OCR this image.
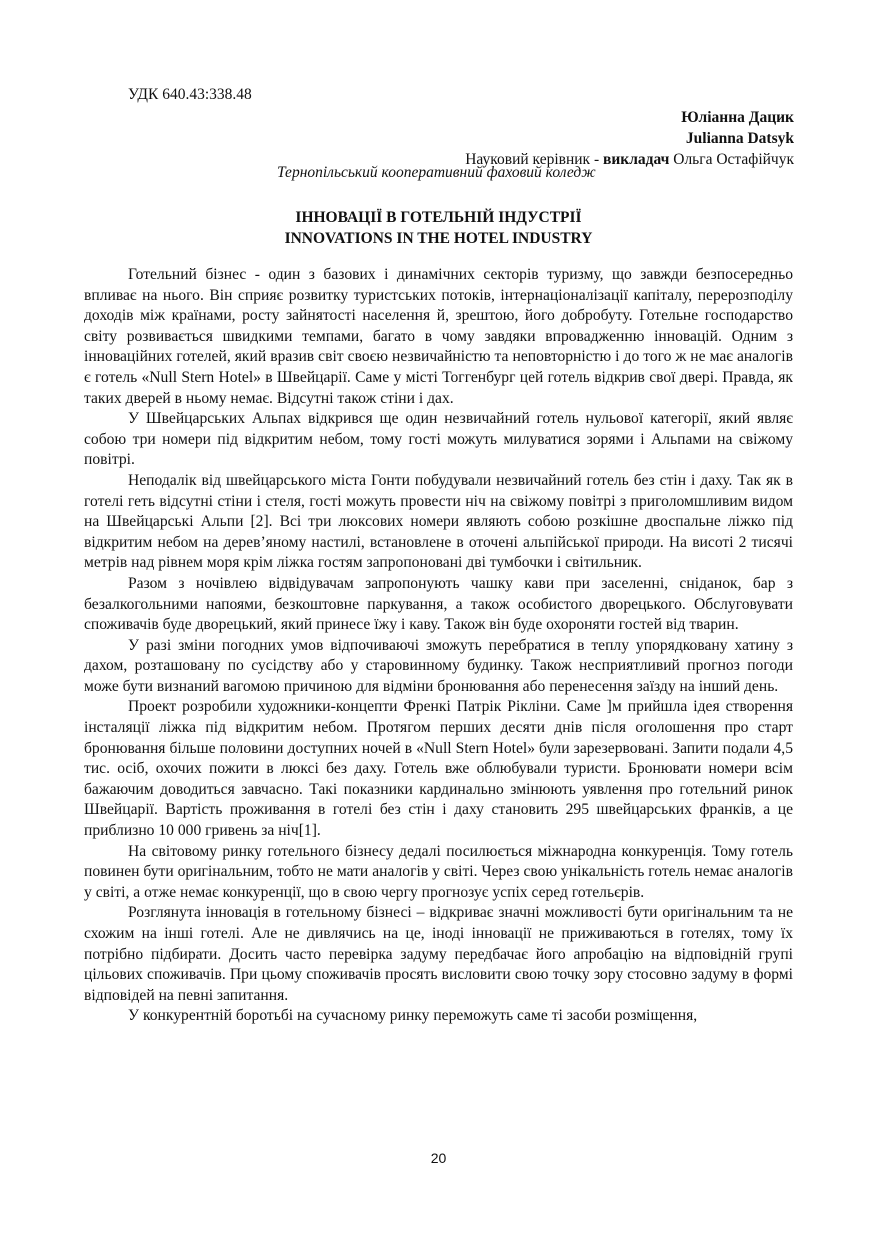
УДК 640.43:338.48
Юліанна Дацик
Julianna Datsyk
Науковий керівник - викладач Ольга Остафійчук
Тернопільський кооперативний фаховий коледж
ІННОВАЦІЇ В ГОТЕЛЬНІЙ ІНДУСТРІЇ
INNOVATIONS IN THE HOTEL INDUSTRY

Готельний бізнес - один з базових і динамічних секторів туризму, що завжди безпосередньо впливає на нього. Він сприяє розвитку туристських потоків, інтернаціоналізації капіталу, перерозподілу доходів між країнами, росту зайнятості населення й, зрештою, його добробуту. Готельне господарство світу розвивається швидкими темпами, багато в чому завдяки впровадженню інновацій. Одним з інноваційних готелей, який вразив світ своєю незвичайністю та неповторністю і до того ж не має аналогів є готель «Null Stern Hotel» в Швейцарії. Саме у місті Тоггенбург цей готель відкрив свої двері. Правда, як таких дверей в ньому немає. Відсутні також стіни і дах.

У Швейцарських Альпах відкрився ще один незвичайний готель нульової категорії, який являє собою три номери під відкритим небом, тому гості можуть милуватися зорями і Альпами на свіжому повітрі.

Неподалік від швейцарського міста Гонти побудували незвичайний готель без стін і даху. Так як в готелі геть відсутні стіни і стеля, гості можуть провести ніч на свіжому повітрі з приголомшливим видом на Швейцарські Альпи [2]. Всі три люксових номери являють собою розкішне двоспальне ліжко під відкритим небом на дерев’яному настилі, встановлене в оточені альпійської природи. На висоті 2 тисячі метрів над рівнем моря крім ліжка гостям запропоновані дві тумбочки і світильник.

Разом з ночівлею відвідувачам запропонують чашку кави при заселенні, сніданок, бар з безалкогольними напоями, безкоштовне паркування, а також особистого дворецького. Обслуговувати споживачів буде дворецький, який принесе їжу і каву. Також він буде охороняти гостей від тварин.

У разі зміни погодних умов відпочиваючі зможуть перебратися в теплу упорядковану хатину з дахом, розташовану по сусідству або у старовинному будинку. Також несприятливий прогноз погоди може бути визнаний вагомою причиною для відміни бронювання або перенесення заїзду на інший день.

Проект розробили художники-концепти Френкі Патрік Рікліни. Саме ]м прийшла ідея створення інсталяції ліжка під відкритим небом. Протягом перших десяти днів після оголошення про старт бронювання більше половини доступних ночей в «Null Stern Hotel» були зарезервовані. Запити подали 4,5 тис. осіб, охочих пожити в люксі без даху. Готель вже облюбували туристи. Бронювати номери всім бажаючим доводиться завчасно. Такі показники кардинально змінюють уявлення про готельний ринок Швейцарії. Вартість проживання в готелі без стін і даху становить 295 швейцарських франків, а це приблизно 10 000 гривень за ніч[1].

На світовому ринку готельного бізнесу дедалі посилюється міжнародна конкуренція. Тому готель повинен бути оригінальним, тобто не мати аналогів у світі. Через свою унікальність готель немає аналогів у світі, а отже немає конкуренції, що в свою чергу прогнозує успіх серед готельєрів.

Розглянута інновація в готельному бізнесі – відкриває значні можливості бути оригінальним та не схожим на інші готелі. Але не дивлячись на це, іноді інновації не приживаються в готелях, тому їх потрібно підбирати. Досить часто перевірка задуму передбачає його апробацію на відповідній групі цільових споживачів. При цьому споживачів просять висловити свою точку зору стосовно задуму в формі відповідей на певні запитання.

У конкурентній боротьбі на сучасному ринку переможуть саме ті засоби розміщення,

20
